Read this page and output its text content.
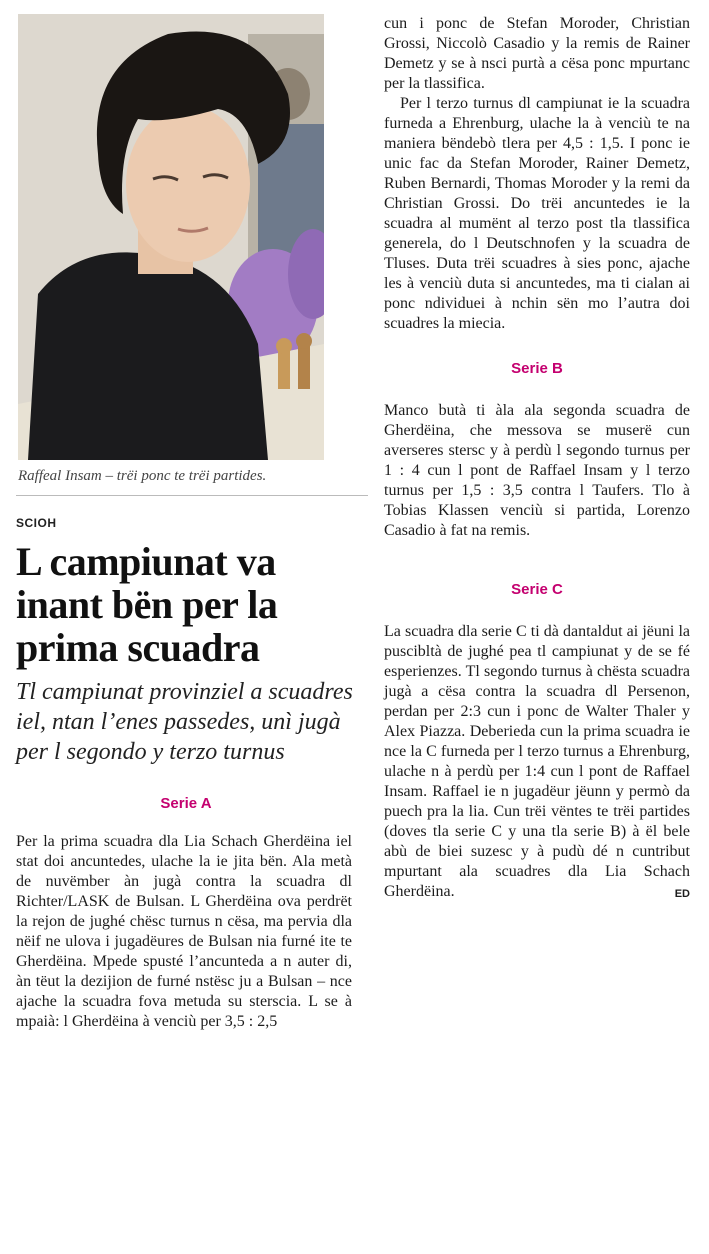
Raffeal Insam – trëi ponc te trëi partides.
SCIOH
L campiunat va inant bën per la prima scuadra
Tl campiunat provinziel a scuadres iel, ntan l’enes passedes, unì jugà per l segondo y terzo turnus
Serie A

Per la prima scuadra dla Lia Schach Gherdëina iel stat doi ancuntedes, ulache la ie jita bën. Ala metà de nuvëmber àn jugà contra la scuadra dl Richter/LASK de Bulsan. L Gherdëina ova perdrët la rejon de jughé chësc turnus n cësa, ma pervia dla nëif ne ulova i jugadëures de Bulsan nia furné ite te Gherdëina. Mpede spusté l’ancunteda a n auter di, àn tëut la dezijion de furné nstësc ju a Bulsan – nce ajache la scuadra fova metuda su sterscia. L se à mpaià: l Gherdëina à venciù per 3,5 : 2,5

cun i ponc de Stefan Moroder, Christian Grossi, Niccolò Casadio y la remis de Rainer Demetz y se à nsci purtà a cësa ponc mpurtanc per la tlassifica.

Per l terzo turnus dl campiunat ie la scuadra furneda a Ehrenburg, ulache la à venciù te na maniera bëndebò tlera per 4,5 : 1,5. I ponc ie unic fac da Stefan Moroder, Rainer Demetz, Ruben Bernardi, Thomas Moroder y la remi da Christian Grossi. Do trëi ancuntedes ie la scuadra al mumënt al terzo post tla tlassifica generela, do l Deutschnofen y la scuadra de Tluses. Duta trëi scuadres à sies ponc, ajache les à venciù duta si ancuntedes, ma ti cialan ai ponc ndividuei à nchin sën mo l’autra doi scuadres la miecia.

Serie B

Manco butà ti àla ala segonda scuadra de Gherdëina, che messova se muserë cun averseres stersc y à perdù l segondo turnus per 1 : 4 cun l pont de Raffael Insam y l terzo turnus per 1,5 : 3,5 contra l Taufers. Tlo à Tobias Klassen venciù si partida, Lorenzo Casadio à fat na remis.

Serie C

La scuadra dla serie C ti dà dantaldut ai jëuni la puscibltà de jughé pea tl campiunat y de se fé esperienzes. Tl segondo turnus à chësta scuadra jugà a cësa contra la scuadra dl Persenon, perdan per 2:3 cun i ponc de Walter Thaler y Alex Piazza. Deberieda cun la prima scuadra ie nce la C furneda per l terzo turnus a Ehrenburg, ulache n à perdù per 1:4 cun l pont de Raffael Insam. Raffael ie n jugadëur jëunn y permò da puech pra la lia. Cun trëi vëntes te trëi partides (doves tla serie C y una tla serie B) à ël bele abù de biei suzesc y à pudù dé n cuntribut mpurtant ala scuadres dla Lia Schach Gherdëina.	ED
